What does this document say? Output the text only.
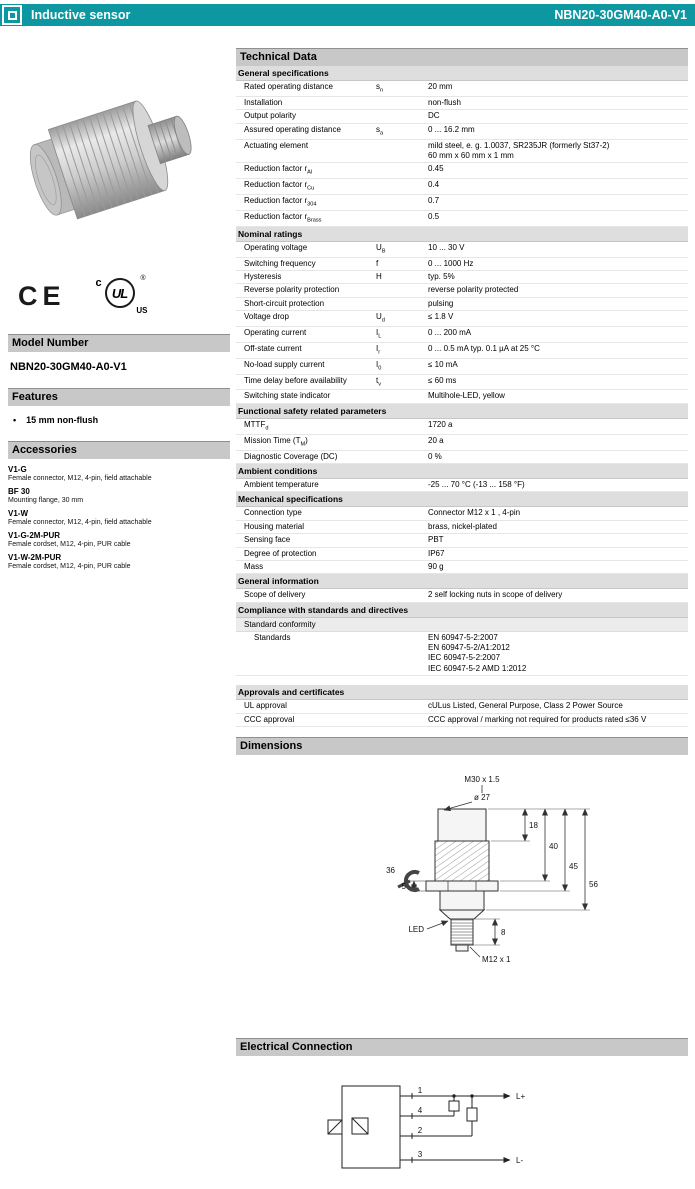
Inductive sensor	NBN20-30GM40-A0-V1
CE	c
UL
®
US
Model Number
NBN20-30GM40-A0-V1
Features
• 15 mm non-flush
Accessories
V1-G
Female connector, M12, 4-pin, field attachable
BF 30
Mounting flange, 30 mm
V1-W
Female connector, M12, 4-pin, field attachable
V1-G-2M-PUR
Female cordset, M12, 4-pin, PUR cable
V1-W-2M-PUR
Female cordset, M12, 4-pin, PUR cable
Technical Data
General specifications
Rated operating distance	$s_n$	20 mm
Installation	non-flush
Output polarity	DC
Assured operating distance	$s_a$	0 ... 16.2 mm
Actuating element	mild steel, e. g. 1.0037, SR235JR (formerly St37-2)
60 mm x 60 mm x 1 mm
Reduction factor $r_{Al}$	0.45
Reduction factor $r_{Cu}$	0.4
Reduction factor $r_{304}$	0.7
Reduction factor $r_{Brass}$	0.5
Nominal ratings
Operating voltage	$U_B$	10 ... 30 V
Switching frequency	f	0 ... 1000 Hz
Hysteresis	H	typ. 5%
Reverse polarity protection	reverse polarity protected
Short-circuit protection	pulsing
Voltage drop	$U_d$	≤ 1.8 V
Operating current	$I_L$	0 ... 200 mA
Off-state current	$I_r$	0 ... 0.5 mA typ. 0.1 µA at 25 °C
No-load supply current	$I_0$	≤ 10 mA
Time delay before availability	$t_v$	≤ 60 ms
Switching state indicator	Multihole-LED, yellow
Functional safety related parameters
$MTTF_d$	1720 a
Mission Time $(T_M)$	20 a
Diagnostic Coverage (DC)	0 %
Ambient conditions
Ambient temperature	-25 ... 70 °C (-13 ... 158 °F)
Mechanical specifications
Connection type	Connector M12 x 1 , 4-pin
Housing material	brass, nickel-plated
Sensing face	PBT
Degree of protection	IP67
Mass	90 g
General information
Scope of delivery	2 self locking nuts in scope of delivery
Compliance with standards and directives
Standard conformity
Standards	EN 60947-5-2:2007
EN 60947-5-2/A1:2012
IEC 60947-5-2:2007
IEC 60947-5-2 AMD 1:2012
Approvals and certificates
UL approval	cULus Listed, General Purpose, Class 2 Power Source
CCC approval	CCC approval / marking not required for products rated ≤36 V
Dimensions
M30 x 1.5
ø 27
36
18
40
45
56
5
8
LED
M12 x 1
Electrical Connection
1
4
2
3
L+
L-
